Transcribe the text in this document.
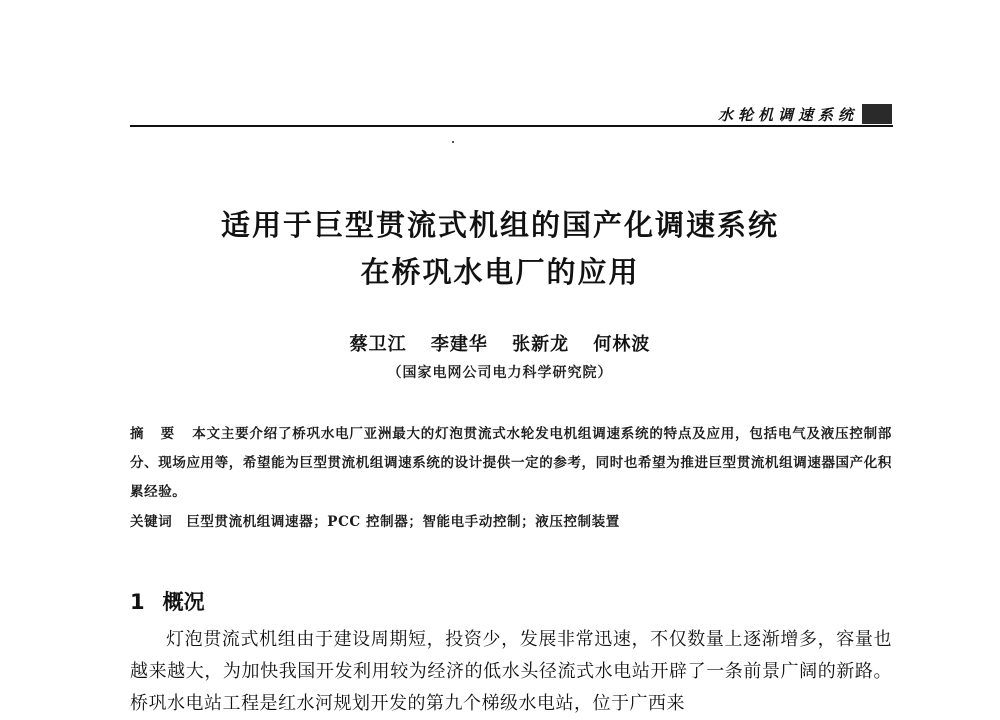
水轮机调速系统
适用于巨型贯流式机组的国产化调速系统
在桥巩水电厂的应用
蔡卫江 李建华 张新龙 何林波
（国家电网公司电力科学研究院）
摘 要 本文主要介绍了桥巩水电厂亚洲最大的灯泡贯流式水轮发电机组调速系统的特点及应用，包括电气及液压控制部分、现场应用等，希望能为巨型贯流机组调速系统的设计提供一定的参考，同时也希望为推进巨型贯流机组调速器国产化积累经验。
关键词 巨型贯流机组调速器；PCC 控制器；智能电手动控制；液压控制装置
1 概况

灯泡贯流式机组由于建设周期短，投资少，发展非常迅速，不仅数量上逐渐增多，容量也越来越大，为加快我国开发利用较为经济的低水头径流式水电站开辟了一条前景广阔的新路。桥巩水电站工程是红水河规划开发的第九个梯级水电站，位于广西来
